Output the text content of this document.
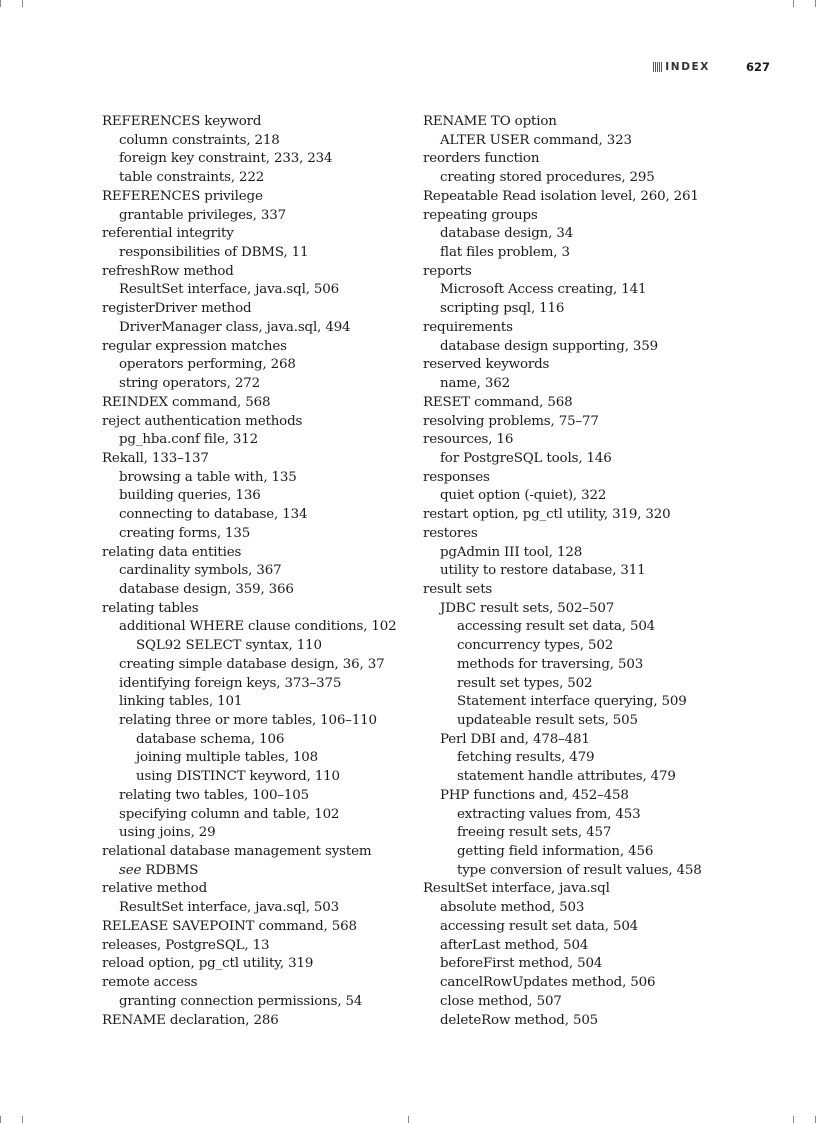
INDEX	627
REFERENCES keyword
column constraints, 218
foreign key constraint, 233, 234
table constraints, 222
REFERENCES privilege
grantable privileges, 337
referential integrity
responsibilities of DBMS, 11
refreshRow method
ResultSet interface, java.sql, 506
registerDriver method
DriverManager class, java.sql, 494
regular expression matches
operators performing, 268
string operators, 272
REINDEX command, 568
reject authentication methods
pg_hba.conf file, 312
Rekall, 133–137
browsing a table with, 135
building queries, 136
connecting to database, 134
creating forms, 135
relating data entities
cardinality symbols, 367
database design, 359, 366
relating tables
additional WHERE clause conditions, 102
SQL92 SELECT syntax, 110
creating simple database design, 36, 37
identifying foreign keys, 373–375
linking tables, 101
relating three or more tables, 106–110
database schema, 106
joining multiple tables, 108
using DISTINCT keyword, 110
relating two tables, 100–105
specifying column and table, 102
using joins, 29
relational database management system
see RDBMS
relative method
ResultSet interface, java.sql, 503
RELEASE SAVEPOINT command, 568
releases, PostgreSQL, 13
reload option, pg_ctl utility, 319
remote access
granting connection permissions, 54
RENAME declaration, 286
RENAME TO option
ALTER USER command, 323
reorders function
creating stored procedures, 295
Repeatable Read isolation level, 260, 261
repeating groups
database design, 34
flat files problem, 3
reports
Microsoft Access creating, 141
scripting psql, 116
requirements
database design supporting, 359
reserved keywords
name, 362
RESET command, 568
resolving problems, 75–77
resources, 16
for PostgreSQL tools, 146
responses
quiet option (-quiet), 322
restart option, pg_ctl utility, 319, 320
restores
pgAdmin III tool, 128
utility to restore database, 311
result sets
JDBC result sets, 502–507
accessing result set data, 504
concurrency types, 502
methods for traversing, 503
result set types, 502
Statement interface querying, 509
updateable result sets, 505
Perl DBI and, 478–481
fetching results, 479
statement handle attributes, 479
PHP functions and, 452–458
extracting values from, 453
freeing result sets, 457
getting field information, 456
type conversion of result values, 458
ResultSet interface, java.sql
absolute method, 503
accessing result set data, 504
afterLast method, 504
beforeFirst method, 504
cancelRowUpdates method, 506
close method, 507
deleteRow method, 505
